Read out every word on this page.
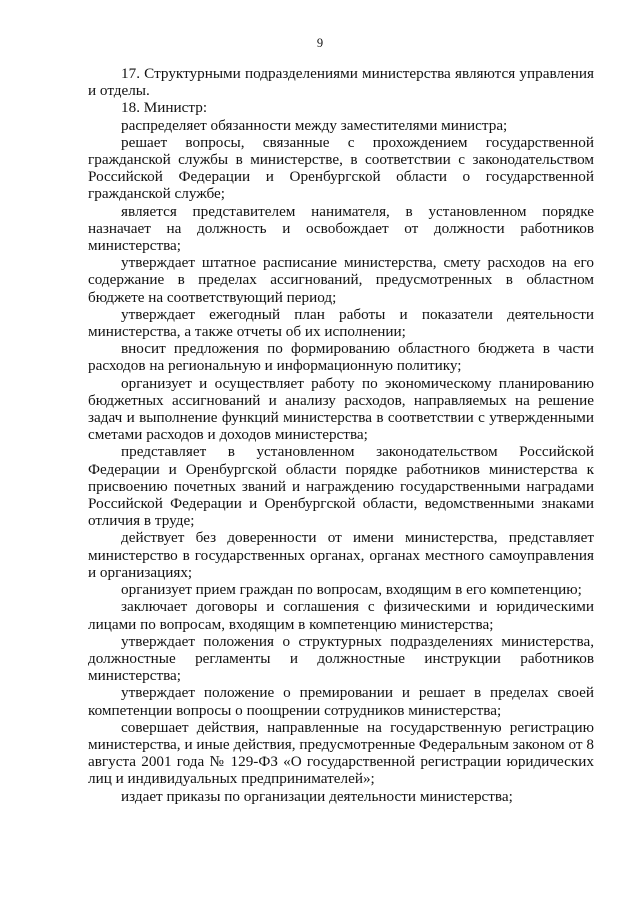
9

17. Структурными подразделениями министерства являются управления и отделы.

18. Министр:

распределяет обязанности между заместителями министра;

решает вопросы, связанные с прохождением государственной гражданской службы в министерстве, в соответствии с законодательством Российской Федерации и Оренбургской области о государственной гражданской службе;

является представителем нанимателя, в установленном порядке назначает на должность и освобождает от должности работников министерства;

утверждает штатное расписание министерства, смету расходов на его содержание в пределах ассигнований, предусмотренных в областном бюджете на соответствующий период;

утверждает ежегодный план работы и показатели деятельности министерства, а также отчеты об их исполнении;

вносит предложения по формированию областного бюджета в части расходов на региональную и информационную политику;

организует и осуществляет работу по экономическому планированию бюджетных ассигнований и анализу расходов, направляемых на решение задач и выполнение функций министерства в соответствии с утвержденными сметами расходов и доходов министерства;

представляет в установленном законодательством Российской Федерации и Оренбургской области порядке работников министерства к присвоению почетных званий и награждению государственными наградами Российской Федерации и Оренбургской области, ведомственными знаками отличия в труде;

действует без доверенности от имени министерства, представляет министерство в государственных органах, органах местного самоуправления и организациях;

организует прием граждан по вопросам, входящим в его компетенцию;

заключает договоры и соглашения с физическими и юридическими лицами по вопросам, входящим в компетенцию министерства;

утверждает положения о структурных подразделениях министерства, должностные регламенты и должностные инструкции работников министерства;

утверждает положение о премировании и решает в пределах своей компетенции вопросы о поощрении сотрудников министерства;

совершает действия, направленные на государственную регистрацию министерства, и иные действия, предусмотренные Федеральным законом от 8 августа 2001 года № 129-ФЗ «О государственной регистрации юридических лиц и индивидуальных предпринимателей»;

издает приказы по организации деятельности министерства;
